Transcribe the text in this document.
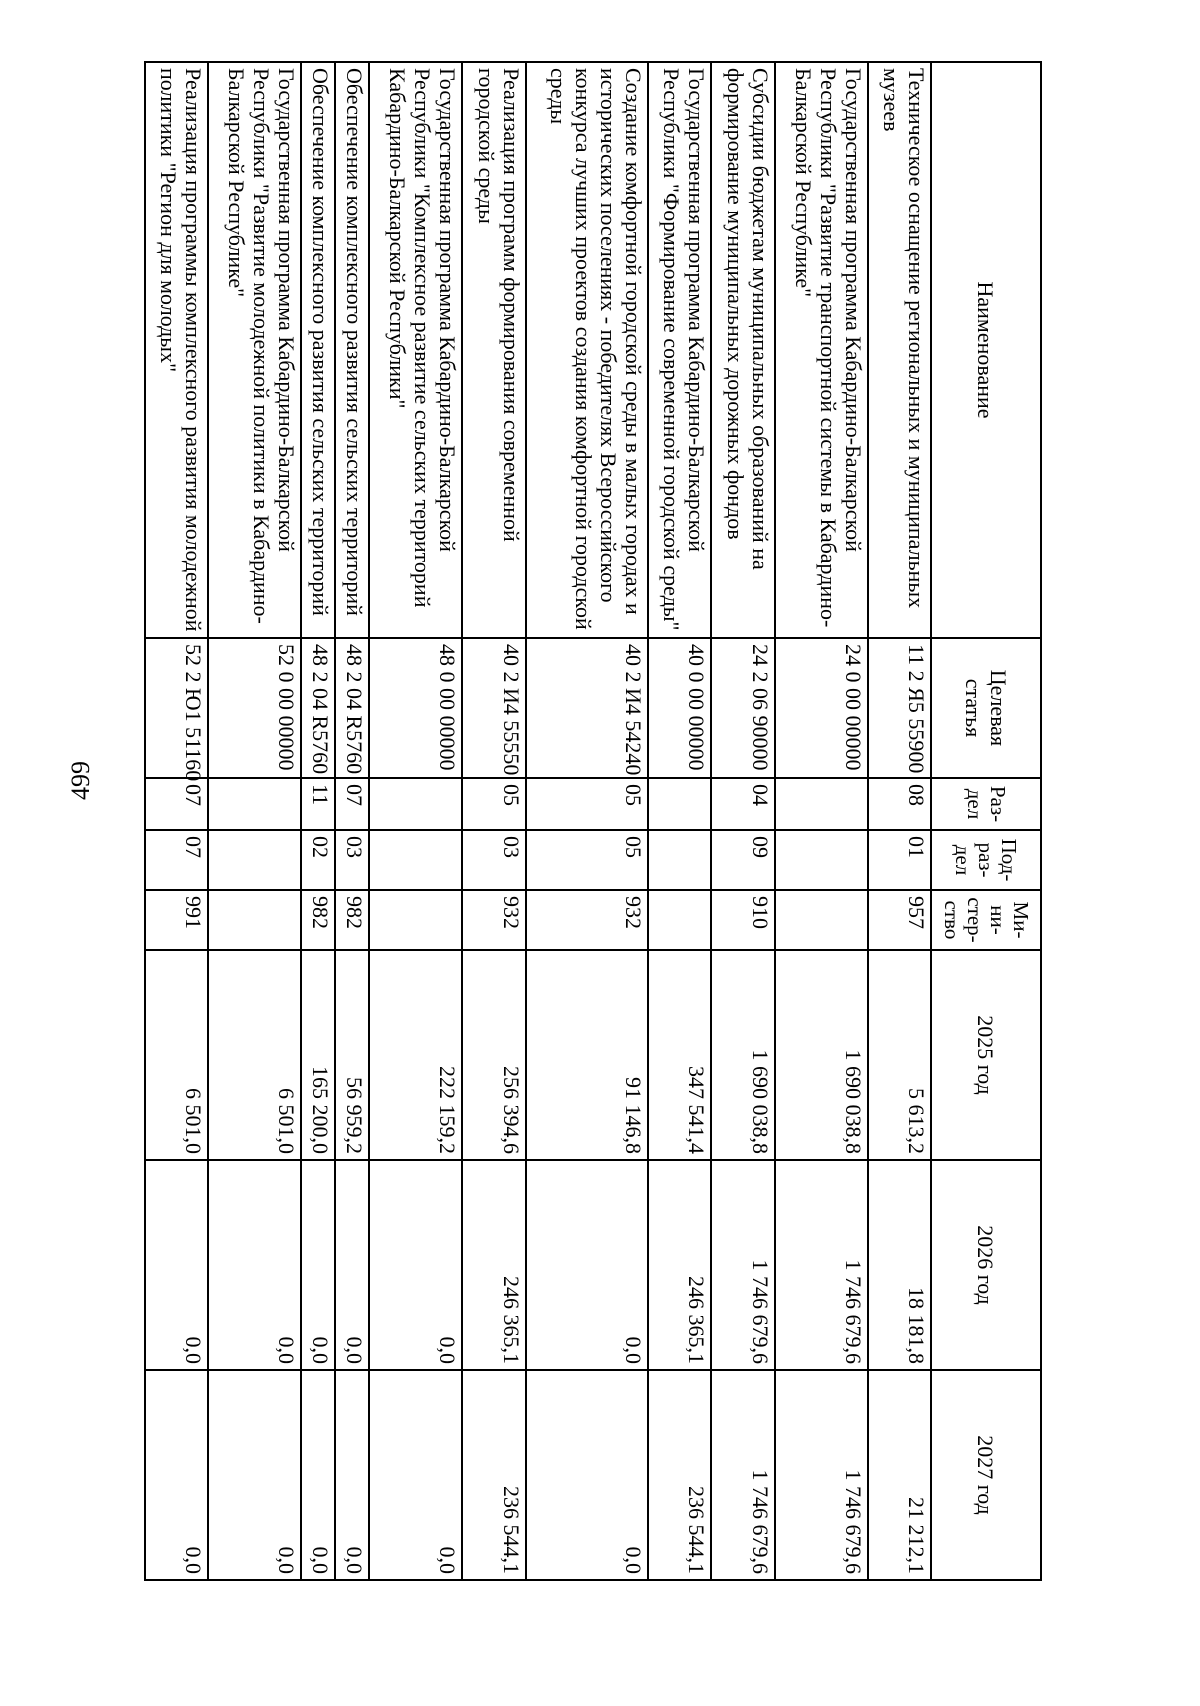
499
Наименование	Целевая статья	Раз-дел	Под-раз-дел	Ми-ни-стер-ство	2025 год	2026 год	2027 год
Техническое оснащение региональных и муниципальных музеев	11 2 Я5 55900	08	01	957	5 613,2	18 181,8	21 212,1
Государственная программа Кабардино-Балкарской Республики "Развитие транспортной системы в Кабардино-Балкарской Республике"	24 0 00 00000				1 690 038,8	1 746 679,6	1 746 679,6
Субсидии бюджетам муниципальных образований на формирование муниципальных дорожных фондов	24 2 06 90000	04	09	910	1 690 038,8	1 746 679,6	1 746 679,6
Государственная программа Кабардино-Балкарской Республики "Формирование современной городской среды"	40 0 00 00000				347 541,4	246 365,1	236 544,1
Создание комфортной городской среды в малых городах и исторических поселениях - победителях Всероссийского конкурса лучших проектов создания комфортной городской среды	40 2 И4 54240	05	05	932	91 146,8	0,0	0,0
Реализация программ формирования современной городской среды	40 2 И4 55550	05	03	932	256 394,6	246 365,1	236 544,1
Государственная программа Кабардино-Балкарской Республики "Комплексное развитие сельских территорий Кабардино-Балкарской Республики"	48 0 00 00000				222 159,2	0,0	0,0
Обеспечение комплексного развития сельских территорий	48 2 04 R5760	07	03	982	56 959,2	0,0	0,0
Обеспечение комплексного развития сельских территорий	48 2 04 R5760	11	02	982	165 200,0	0,0	0,0
Государственная программа Кабардино-Балкарской Республики "Развитие молодежной политики в Кабардино-Балкарской Республике"	52 0 00 00000				6 501,0	0,0	0,0
Реализация программы комплексного развития молодежной политики "Регион для молодых"	52 2 Ю1 51160	07	07	991	6 501,0	0,0	0,0
